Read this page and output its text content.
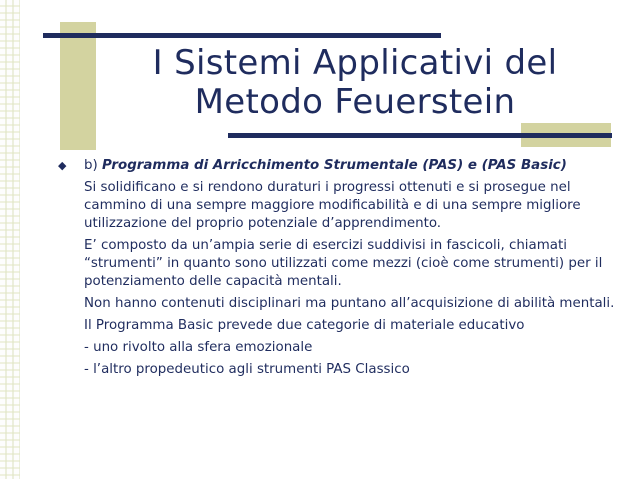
I Sistemi Applicativi del
Metodo Feuerstein
◆ b) Programma di Arricchimento Strumentale (PAS) e (PAS Basic)
Si solidificano e si rendono duraturi i progressi ottenuti e si prosegue nel cammino di una sempre maggiore modificabilità e di una sempre migliore utilizzazione del proprio potenziale d’apprendimento.
E’ composto da un’ampia serie di esercizi suddivisi in fascicoli, chiamati “strumenti” in quanto sono utilizzati come mezzi (cioè come strumenti) per il potenziamento delle capacità mentali.
Non hanno contenuti disciplinari ma puntano all’acquisizione di abilità mentali.
Il Programma Basic prevede due categorie di materiale educativo
- uno rivolto alla sfera emozionale
- l’altro propedeutico agli strumenti PAS Classico
